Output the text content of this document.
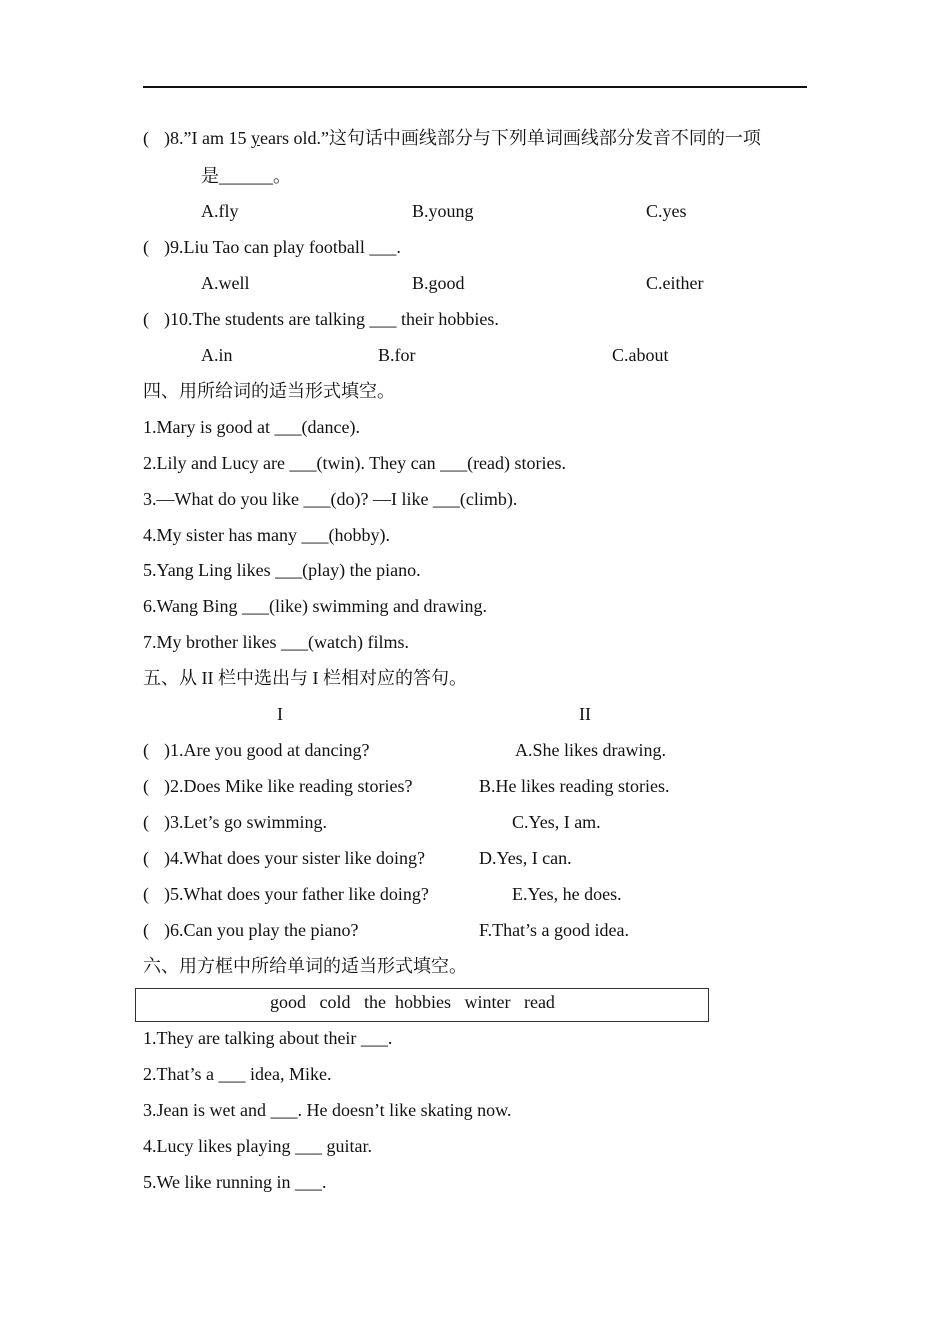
( )8.”I am 15 years old.”这句话中画线部分与下列单词画线部分发音不同的一项
是______。
A.fly	B.young	C.yes
( )9.Liu Tao can play football ___.
A.well	B.good	C.either
( )10.The students are talking ___ their hobbies.
A.in	B.for	C.about
四、用所给词的适当形式填空。
1.Mary is good at ___(dance).
2.Lily and Lucy are ___(twin). They can ___(read) stories.
3.—What do you like ___(do)? —I like ___(climb).
4.My sister has many ___(hobby).
5.Yang Ling likes ___(play) the piano.
6.Wang Bing ___(like) swimming and drawing.
7.My brother likes ___(watch) films.
五、从 II 栏中选出与 I 栏相对应的答句。
I	II
( )1.Are you good at dancing?	A.She likes drawing.
( )2.Does Mike like reading stories?	B.He likes reading stories.
( )3.Let’s go swimming.	C.Yes, I am.
( )4.What does your sister like doing?	D.Yes, I can.
( )5.What does your father like doing?	E.Yes, he does.
( )6.Can you play the piano?	F.That’s a good idea.
六、用方框中所给单词的适当形式填空。
good   cold   the  hobbies   winter   read
1.They are talking about their ___.
2.That’s a ___ idea, Mike.
3.Jean is wet and ___. He doesn’t like skating now.
4.Lucy likes playing ___ guitar.
5.We like running in ___.
